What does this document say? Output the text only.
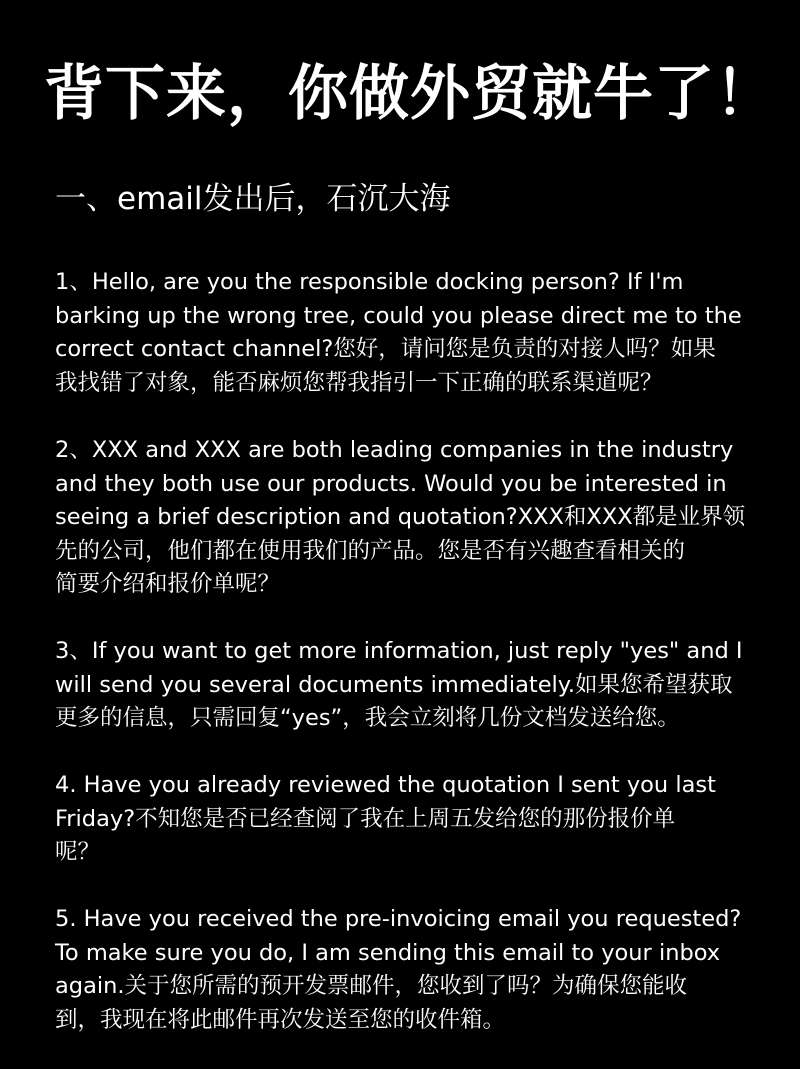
背下来，你做外贸就牛了！
一、email发出后，石沉大海
1、Hello, are you the responsible docking person? If I'm
barking up the wrong tree, could you please direct me to the
correct contact channel?您好，请问您是负责的对接人吗？如果
我找错了对象，能否麻烦您帮我指引一下正确的联系渠道呢？
2、XXX and XXX are both leading companies in the industry
and they both use our products. Would you be interested in
seeing a brief description and quotation?XXX和XXX都是业界领
先的公司，他们都在使用我们的产品。您是否有兴趣查看相关的
简要介绍和报价单呢？
3、If you want to get more information, just reply "yes" and I
will send you several documents immediately.如果您希望获取
更多的信息，只需回复“yes”，我会立刻将几份文档发送给您。
4. Have you already reviewed the quotation I sent you last
Friday?不知您是否已经查阅了我在上周五发给您的那份报价单
呢？
5. Have you received the pre-invoicing email you requested?
To make sure you do, I am sending this email to your inbox
again.关于您所需的预开发票邮件，您收到了吗？为确保您能收
到，我现在将此邮件再次发送至您的收件箱。
